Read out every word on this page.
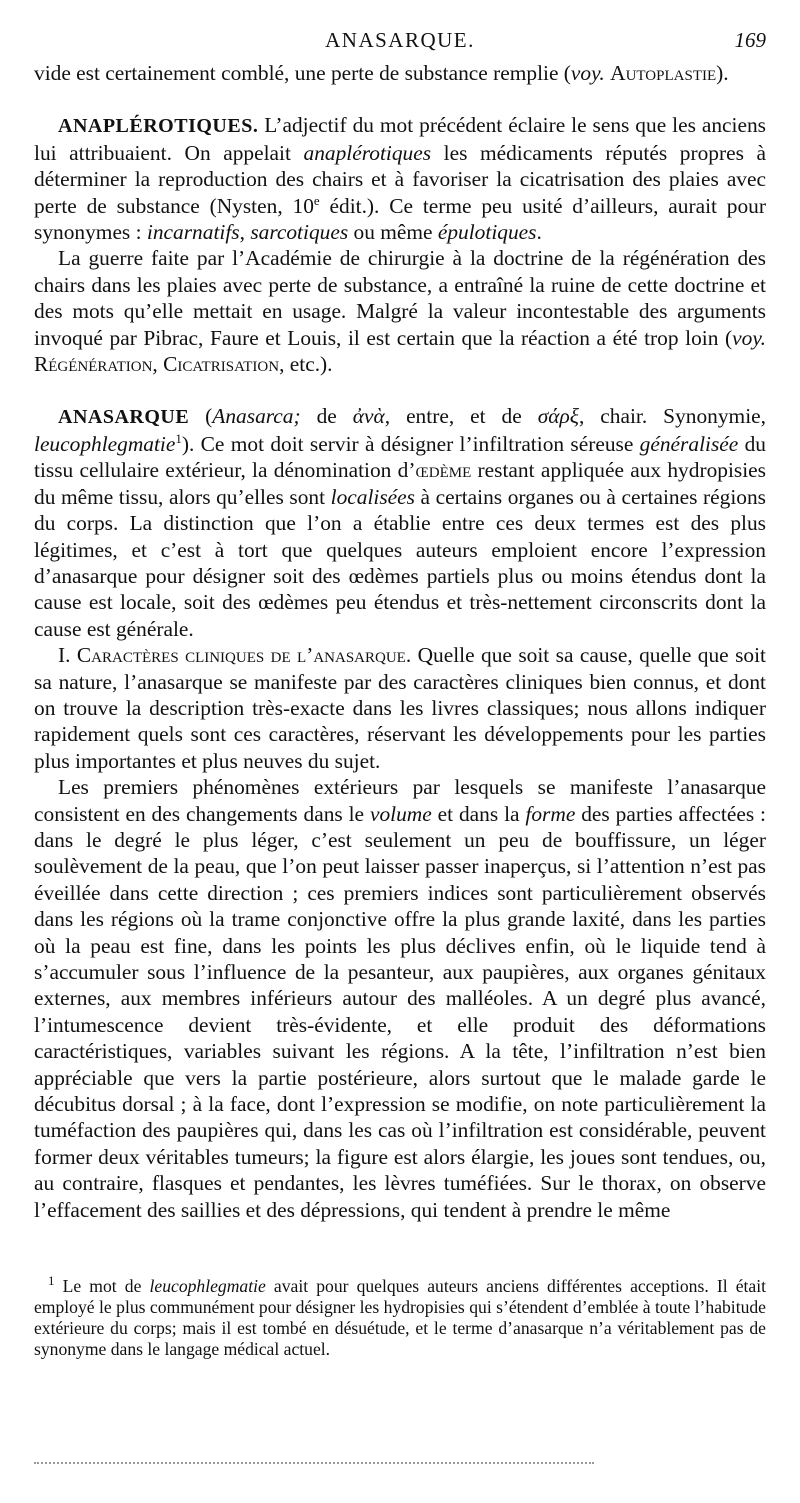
ANASARQUE.	169

vide est certainement comblé, une perte de substance remplie (voy. Autoplastie).

ANAPLÉROTIQUES. L’adjectif du mot précédent éclaire le sens que les anciens lui attribuaient. On appelait anaplérotiques les médicaments réputés propres à déterminer la reproduction des chairs et à favoriser la cicatrisation des plaies avec perte de substance (Nysten, 10e édit.). Ce terme peu usité d’ailleurs, aurait pour synonymes : incarnatifs, sarcotiques ou même épulotiques.

La guerre faite par l’Académie de chirurgie à la doctrine de la régénération des chairs dans les plaies avec perte de substance, a entraîné la ruine de cette doctrine et des mots qu’elle mettait en usage. Malgré la valeur incontestable des arguments invoqué par Pibrac, Faure et Louis, il est certain que la réaction a été trop loin (voy. Régénération, Cicatrisation, etc.).

ANASARQUE (Anasarca; de ἀνὰ, entre, et de σάρξ, chair. Synonymie, leucophlegmatie$^1$). Ce mot doit servir à désigner l’infiltration séreuse généralisée du tissu cellulaire extérieur, la dénomination d’œdème restant appliquée aux hydropisies du même tissu, alors qu’elles sont localisées à certains organes ou à certaines régions du corps. La distinction que l’on a établie entre ces deux termes est des plus légitimes, et c’est à tort que quelques auteurs emploient encore l’expression d’anasarque pour désigner soit des œdèmes partiels plus ou moins étendus dont la cause est locale, soit des œdèmes peu étendus et très-nettement circonscrits dont la cause est générale.

I. Caractères cliniques de l’anasarque. Quelle que soit sa cause, quelle que soit sa nature, l’anasarque se manifeste par des caractères cliniques bien connus, et dont on trouve la description très-exacte dans les livres classiques; nous allons indiquer rapidement quels sont ces caractères, réservant les développements pour les parties plus importantes et plus neuves du sujet.

Les premiers phénomènes extérieurs par lesquels se manifeste l’anasarque consistent en des changements dans le volume et dans la forme des parties affectées : dans le degré le plus léger, c’est seulement un peu de bouffissure, un léger soulèvement de la peau, que l’on peut laisser passer inaperçus, si l’attention n’est pas éveillée dans cette direction ; ces premiers indices sont particulièrement observés dans les régions où la trame conjonctive offre la plus grande laxité, dans les parties où la peau est fine, dans les points les plus déclives enfin, où le liquide tend à s’accumuler sous l’influence de la pesanteur, aux paupières, aux organes génitaux externes, aux membres inférieurs autour des malléoles. A un degré plus avancé, l’intumescence devient très-évidente, et elle produit des déformations caractéristiques, variables suivant les régions. A la tête, l’infiltration n’est bien appréciable que vers la partie postérieure, alors surtout que le malade garde le décubitus dorsal ; à la face, dont l’expression se modifie, on note particulièrement la tuméfaction des paupières qui, dans les cas où l’infiltration est considérable, peuvent former deux véritables tumeurs; la figure est alors élargie, les joues sont tendues, ou, au contraire, flasques et pendantes, les lèvres tuméfiées. Sur le thorax, on observe l’effacement des saillies et des dépressions, qui tendent à prendre le même

$^1$ Le mot de leucophlegmatie avait pour quelques auteurs anciens différentes acceptions. Il était employé le plus communément pour désigner les hydropisies qui s’étendent d’emblée à toute l’habitude extérieure du corps; mais il est tombé en désuétude, et le terme d’anasarque n’a véritablement pas de synonyme dans le langage médical actuel.
